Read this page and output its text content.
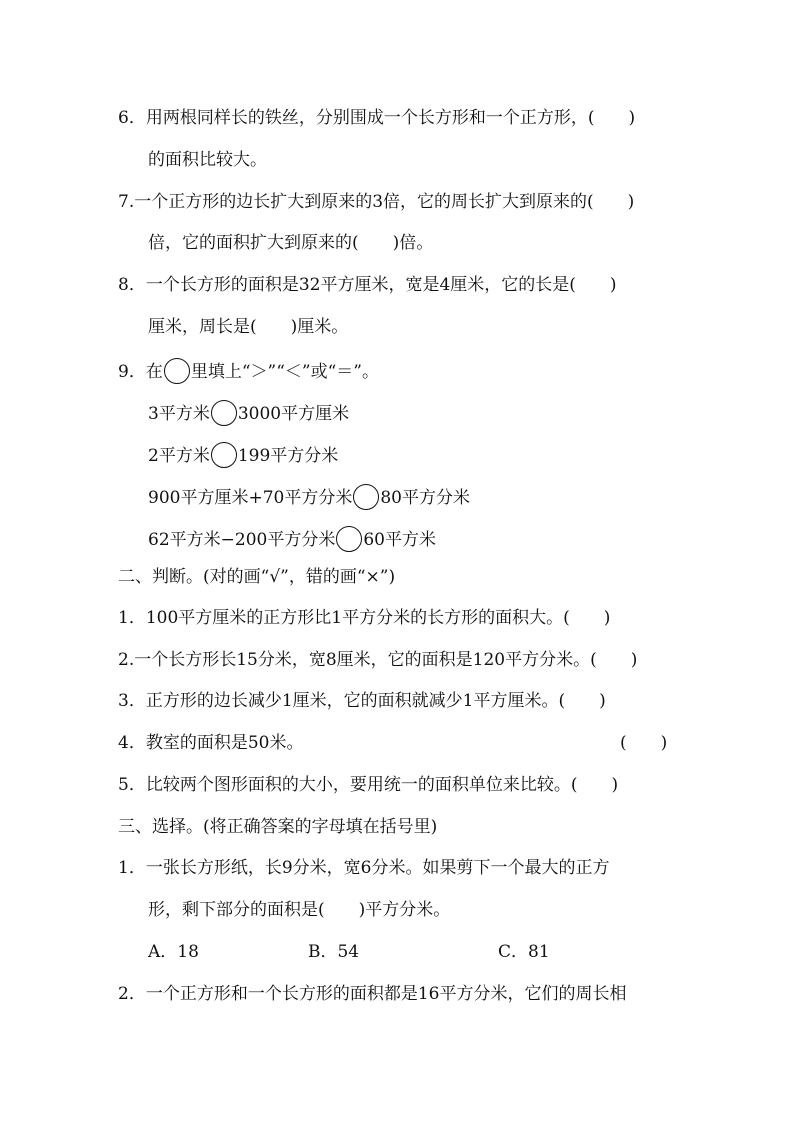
6．用两根同样长的铁丝，分别围成一个长方形和一个正方形，(　　)
的面积比较大。
7.一个正方形的边长扩大到原来的3倍，它的周长扩大到原来的(　　)
倍，它的面积扩大到原来的(　　)倍。
8．一个长方形的面积是32平方厘米，宽是4厘米，它的长是(　　)
厘米，周长是(　　)厘米。
9．在 里填上“＞”“＜”或“＝”。
3平方米 3000平方厘米
2平方米 199平方分米
900平方厘米+70平方分米 80平方分米
62平方米−200平方分米 60平方米
二、判断。(对的画“√”，错的画“×”)
1．100平方厘米的正方形比1平方分米的长方形的面积大。(　　)
2.一个长方形长15分米，宽8厘米，它的面积是120平方分米。(　　)
3．正方形的边长减少1厘米，它的面积就减少1平方厘米。(　　)
4．教室的面积是50米。	(　　)
5．比较两个图形面积的大小，要用统一的面积单位来比较。(　　)
三、选择。(将正确答案的字母填在括号里)
1．一张长方形纸，长9分米，宽6分米。如果剪下一个最大的正方
形，剩下部分的面积是(　　)平方分米。
A．18	B．54	C．81
2．一个正方形和一个长方形的面积都是16平方分米，它们的周长相
